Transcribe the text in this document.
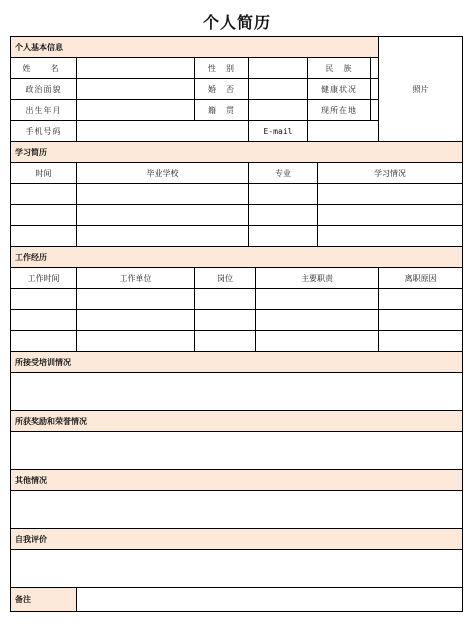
个人简历
个人基本信息								照片
姓　名		性　别			民　族			
政治面貌		婚　否			健康状况			
出生年月		籍　贯			现所在地			
手机号码			E-mail					
学习简历								
时间	毕业学校		专业			学习情况		

工作经历								
工作时间	工作单位	岗位		主要职责				离职原因

所接受培训情况								

所获奖励和荣誉情况								

其他情况								

自我评价								

备注								
